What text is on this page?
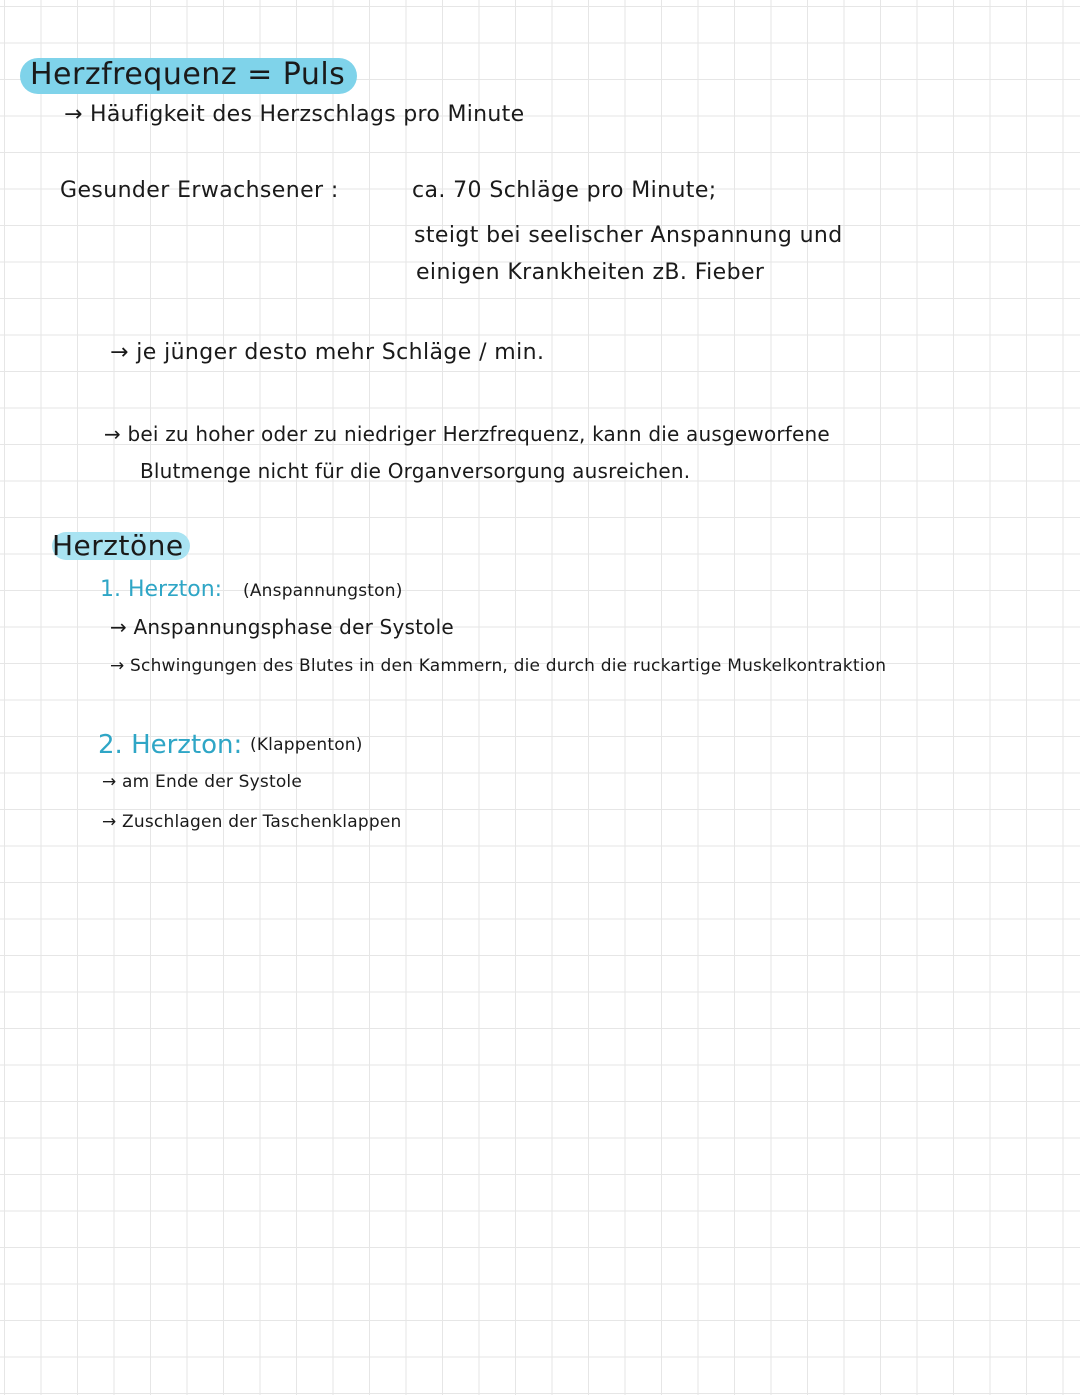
Herzfrequenz = Puls
→ Häufigkeit des Herzschlags pro Minute
Gesunder Erwachsener :	ca. 70 Schläge pro Minute;
steigt bei seelischer Anspannung und
einigen Krankheiten zB. Fieber
→ je jünger desto mehr Schläge / min.
→ bei zu hoher oder zu niedriger Herzfrequenz, kann die ausgeworfene
Blutmenge nicht für die Organversorgung ausreichen.
Herztöne
1. Herzton: (Anspannungston)
→ Anspannungsphase der Systole
→ Schwingungen des Blutes in den Kammern, die durch die ruckartige Muskelkontraktion
2. Herzton: (Klappenton)
→ am Ende der Systole
→ Zuschlagen der Taschenklappen
